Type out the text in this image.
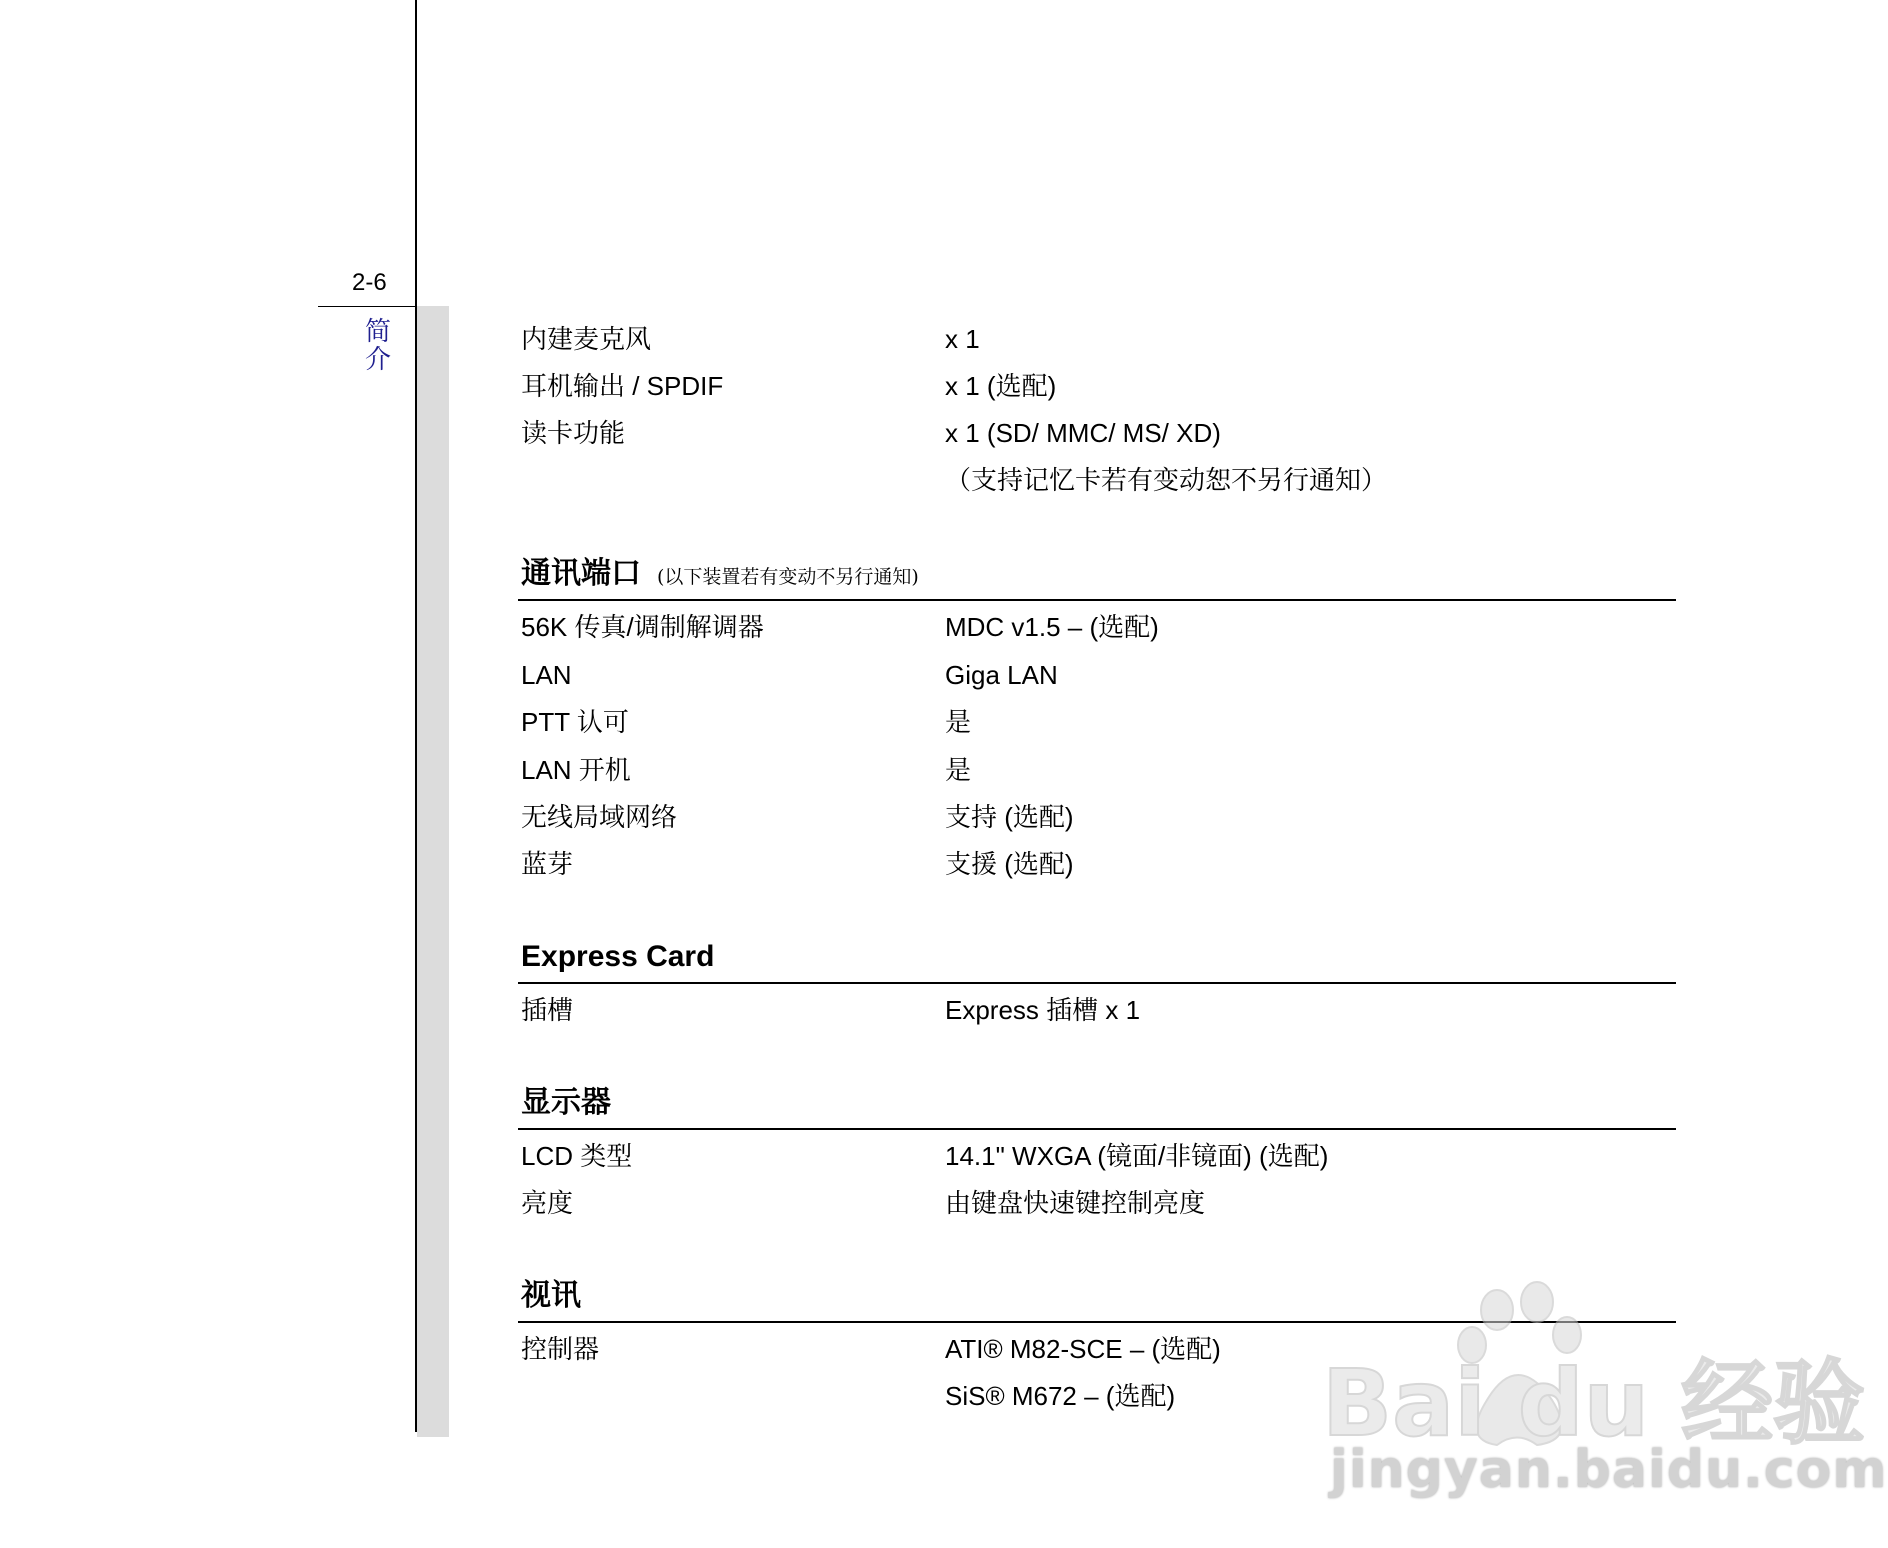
2-6
简
介
内建麦克风	x 1
耳机输出 / SPDIF	x 1 (选配)
读卡功能	x 1 (SD/ MMC/ MS/ XD)
（支持记忆卡若有变动恕不另行通知）
通讯端口 (以下装置若有变动不另行通知)
56K 传真/调制解调器	MDC v1.5 – (选配)
LAN	Giga LAN
PTT 认可	是
LAN 开机	是
无线局域网络	支持 (选配)
蓝芽	支援 (选配)
Express Card
插槽	Express 插槽 x 1
显示器
LCD 类型	14.1" WXGA (镜面/非镜面) (选配)
亮度	由键盘快速键控制亮度
视讯
控制器	ATI® M82-SCE – (选配)
SiS® M672 – (选配) Bai du 经验
jingyan.baidu.com
